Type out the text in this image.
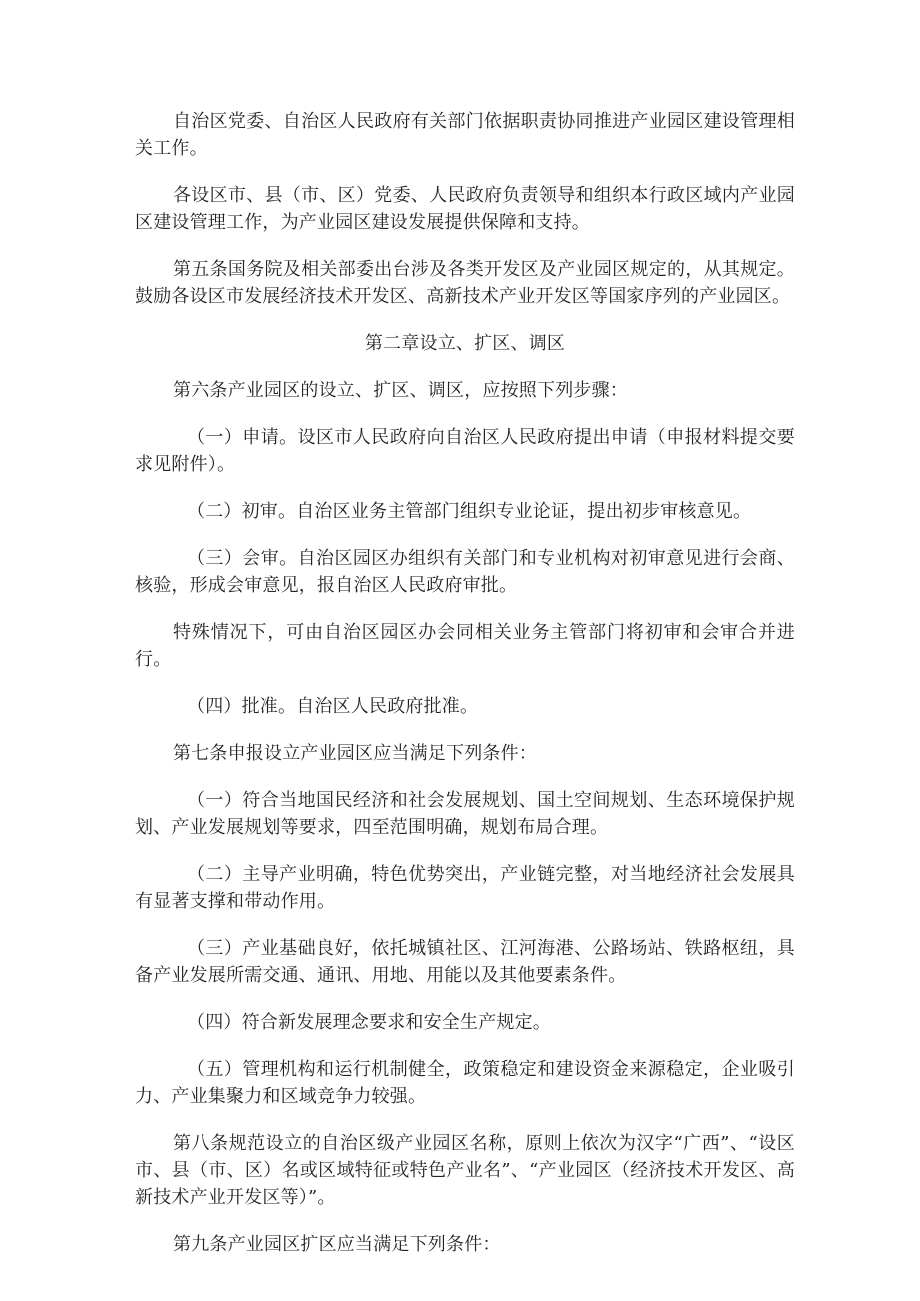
自治区党委、自治区人民政府有关部门依据职责协同推进产业园区建设管理相关工作。

各设区市、县（市、区）党委、人民政府负责领导和组织本行政区域内产业园区建设管理工作，为产业园区建设发展提供保障和支持。

第五条国务院及相关部委出台涉及各类开发区及产业园区规定的，从其规定。鼓励各设区市发展经济技术开发区、高新技术产业开发区等国家序列的产业园区。

第二章设立、扩区、调区

第六条产业园区的设立、扩区、调区，应按照下列步骤：

（一）申请。设区市人民政府向自治区人民政府提出申请（申报材料提交要求见附件）。

（二）初审。自治区业务主管部门组织专业论证，提出初步审核意见。

（三）会审。自治区园区办组织有关部门和专业机构对初审意见进行会商、核验，形成会审意见，报自治区人民政府审批。

特殊情况下，可由自治区园区办会同相关业务主管部门将初审和会审合并进行。

（四）批准。自治区人民政府批准。

第七条申报设立产业园区应当满足下列条件：

（一）符合当地国民经济和社会发展规划、国土空间规划、生态环境保护规划、产业发展规划等要求，四至范围明确，规划布局合理。

（二）主导产业明确，特色优势突出，产业链完整，对当地经济社会发展具有显著支撑和带动作用。

（三）产业基础良好，依托城镇社区、江河海港、公路场站、铁路枢纽，具备产业发展所需交通、通讯、用地、用能以及其他要素条件。

（四）符合新发展理念要求和安全生产规定。

（五）管理机构和运行机制健全，政策稳定和建设资金来源稳定，企业吸引力、产业集聚力和区域竞争力较强。

第八条规范设立的自治区级产业园区名称，原则上依次为汉字“广西”、“设区市、县（市、区）名或区域特征或特色产业名”、“产业园区（经济技术开发区、高新技术产业开发区等）”。

第九条产业园区扩区应当满足下列条件：
